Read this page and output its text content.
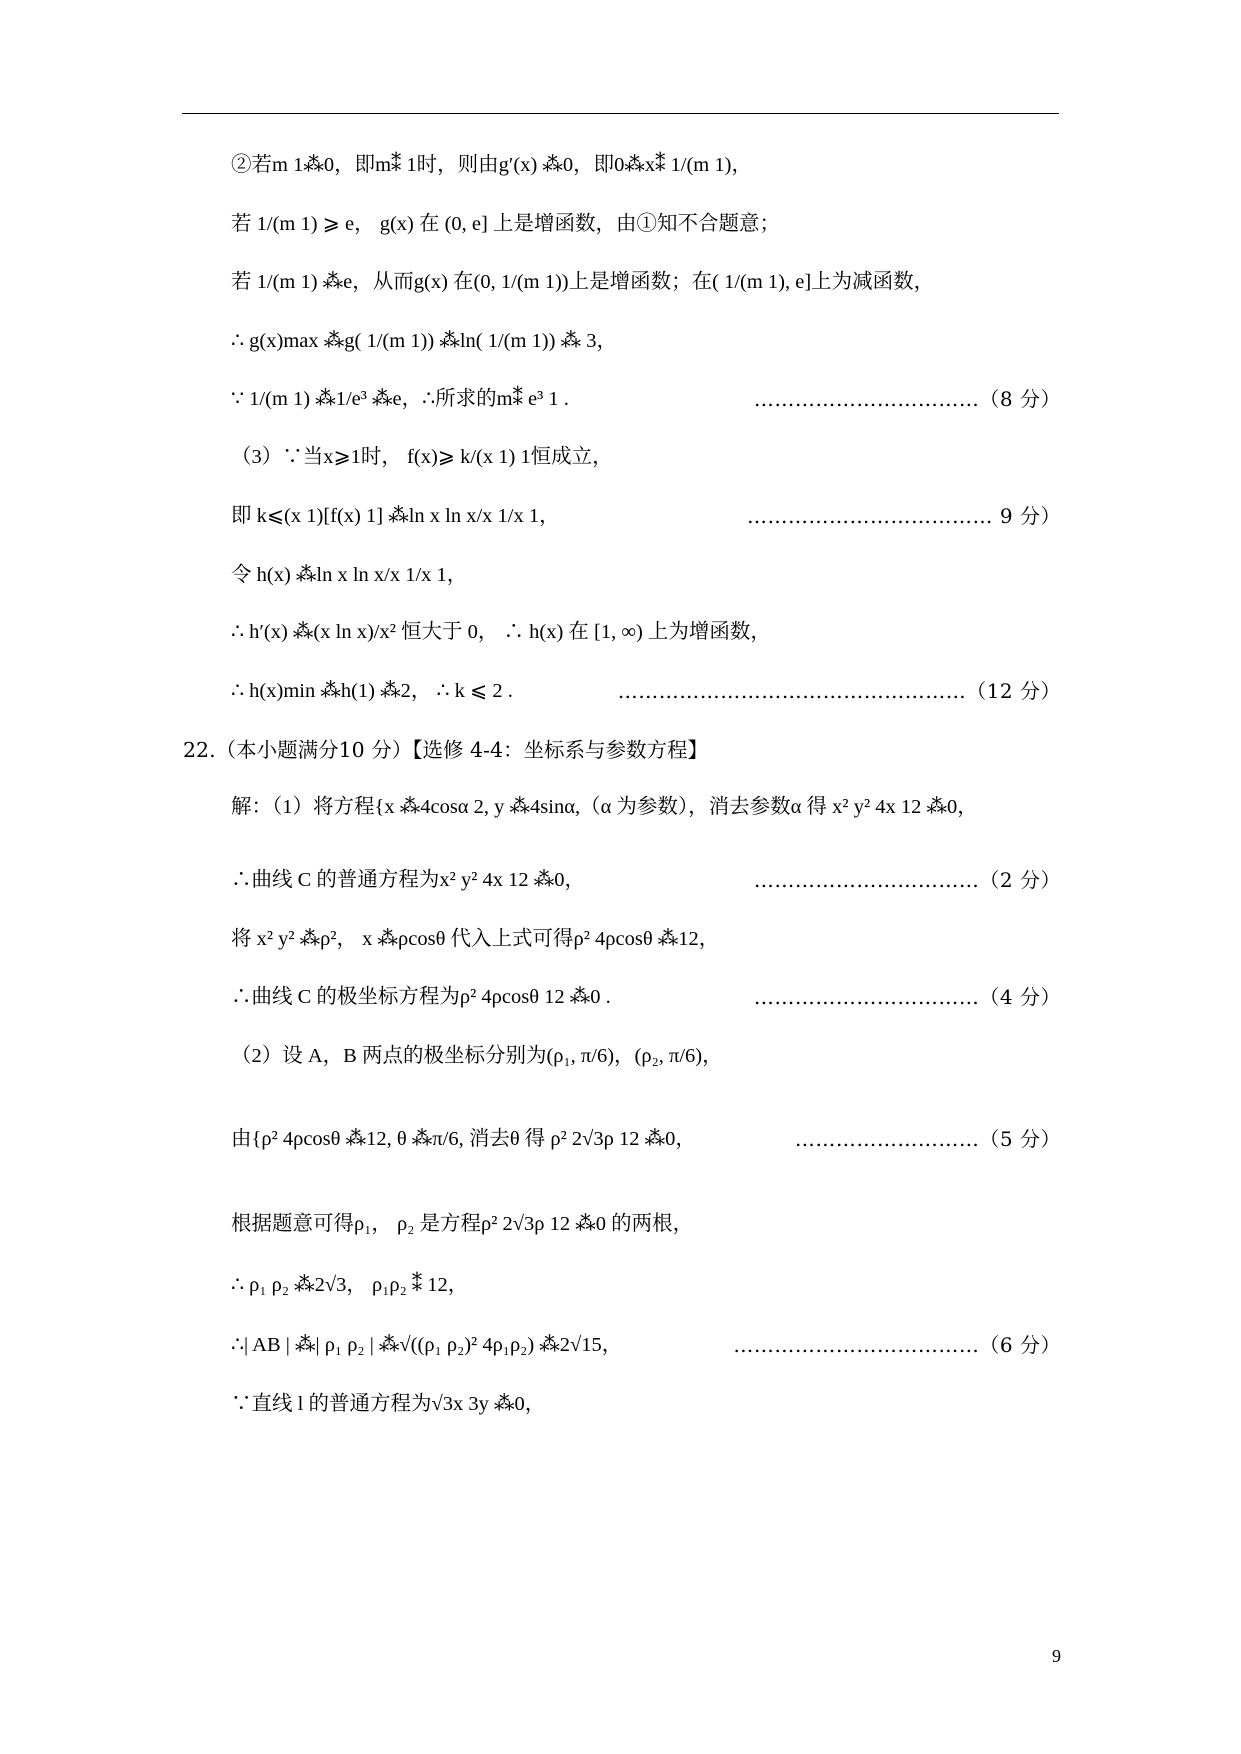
②若m 1⁂0，即m⁑ 1时，则由g′(x) ⁂0，即0⁂x⁑ 1/(m 1)，
若 1/(m 1) ⩾ e， g(x) 在 (0, e] 上是增函数，由①知不合题意；
若 1/(m 1) ⁂e，从而g(x) 在(0, 1/(m 1))上是增函数；在( 1/(m 1), e]上为减函数，
∴ g(x)max ⁂g( 1/(m 1)) ⁂ln( 1/(m 1)) ⁂ 3，
∵ 1/(m 1) ⁂1/e³ ⁂e，∴所求的m⁑ e³ 1 .	……………………………（8 分）
（3）∵当x⩾1时， f(x)⩾ k/(x 1) 1恒成立，
即 k⩽(x 1)[f(x) 1] ⁂ln x ln x/x 1/x 1，	……………………………… 9 分）
令 h(x) ⁂ln x ln x/x 1/x 1，
∴ h′(x) ⁂(x ln x)/x² 恒大于 0， ∴ h(x) 在 [1, ∞) 上为增函数，
∴ h(x)min ⁂h(1) ⁂2， ∴ k ⩽ 2 .	……………………………………………（12 分）
22.（本小题满分10 分）【选修 4-4：坐标系与参数方程】
解：（1）将方程{x ⁂4cosα 2, y ⁂4sinα,（α 为参数），消去参数α 得 x² y² 4x 12 ⁂0，
∴曲线 C 的普通方程为x² y² 4x 12 ⁂0，	……………………………（2 分）
将 x² y² ⁂ρ²， x ⁂ρcosθ 代入上式可得ρ² 4ρcosθ ⁂12，
∴曲线 C 的极坐标方程为ρ² 4ρcosθ 12 ⁂0 .	……………………………（4 分）
（2）设 A，B 两点的极坐标分别为(ρ₁, π/6)，(ρ₂, π/6)，
由{ρ² 4ρcosθ ⁂12, θ ⁂π/6, 消去θ 得 ρ² 2√3ρ 12 ⁂0，	………………………（5 分）
根据题意可得ρ₁， ρ₂ 是方程ρ² 2√3ρ 12 ⁂0 的两根，
∴ ρ₁ ρ₂ ⁂2√3， ρ₁ρ₂ ⁑ 12，
∴| AB | ⁂| ρ₁ ρ₂ | ⁂√((ρ₁ ρ₂)² 4ρ₁ρ₂) ⁂2√15，	………………………………（6 分）
∵直线 l 的普通方程为√3x 3y ⁂0，
9
